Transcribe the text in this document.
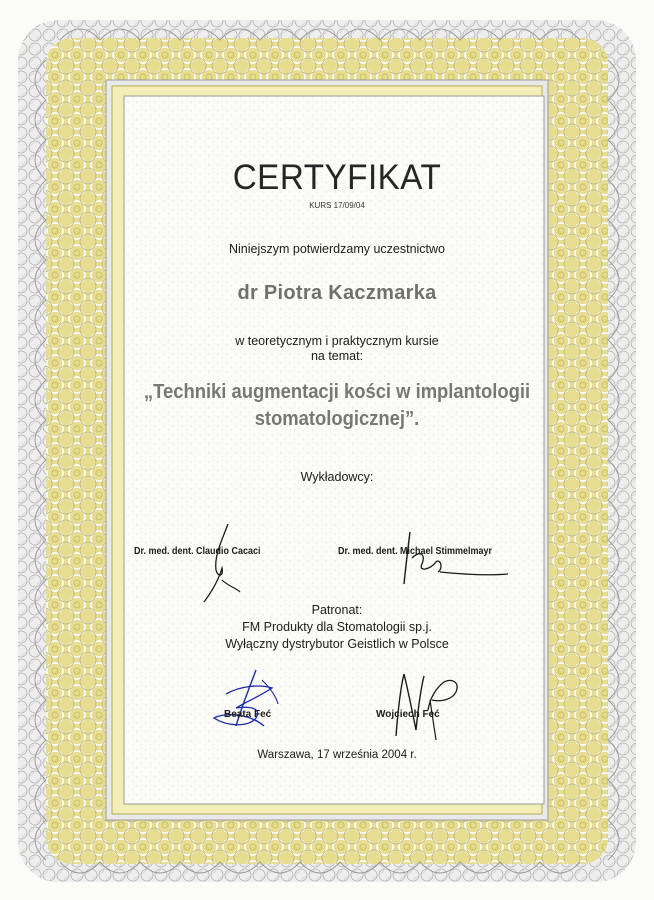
CERTYFIKAT
KURS 17/09/04
Niniejszym potwierdzamy uczestnictwo
dr Piotra Kaczmarka
w teoretycznym i praktycznym kursie
na temat:
„Techniki augmentacji kości w implantologii
stomatologicznej”.
Wykładowcy:
Dr. med. dent. Claudio Cacaci	Dr. med. dent. Michael Stimmelmayr
Patronat:
FM Produkty dla Stomatologii sp.j.
Wyłączny dystrybutor Geistlich w Polsce
Beata Feć	Wojciech Feć
Warszawa, 17 września 2004 r.
